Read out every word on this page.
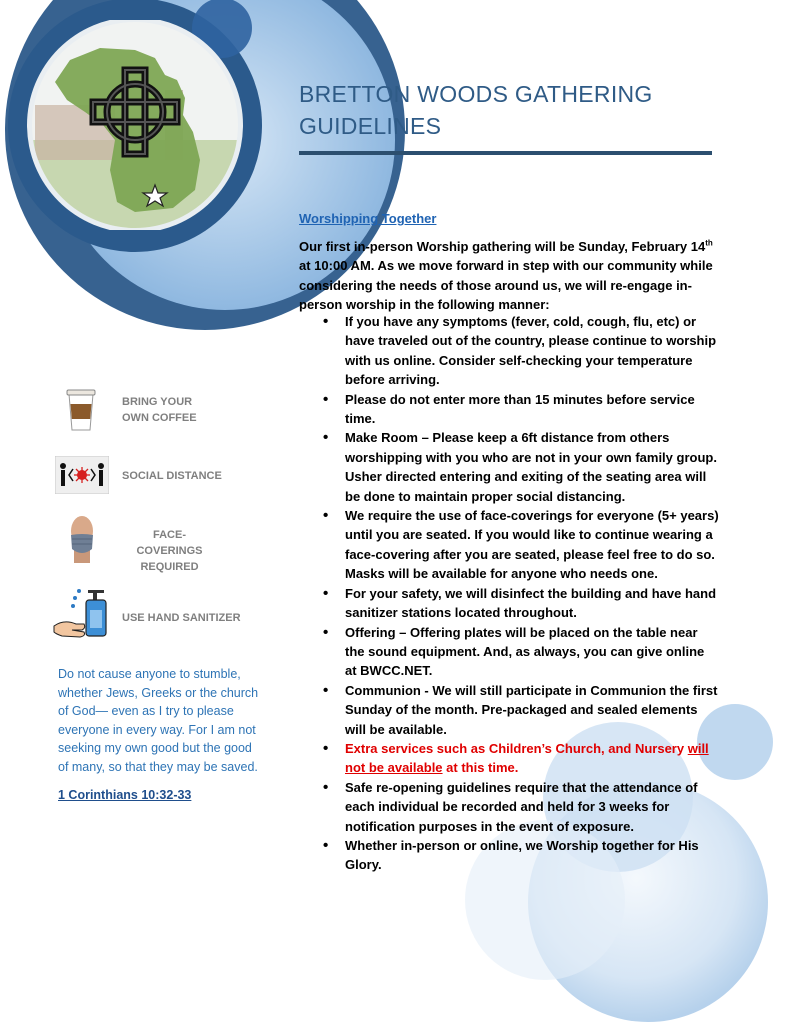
BRETTON WOODS GATHERING GUIDELINES
Worshipping Together
Our first in-person Worship gathering will be Sunday, February 14th at 10:00 AM. As we move forward in step with our community while considering the needs of those around us, we will re-engage in-person worship in the following manner:
• If you have any symptoms (fever, cold, cough, flu, etc) or have traveled out of the country, please continue to worship with us online. Consider self-checking your temperature before arriving.
• Please do not enter more than 15 minutes before service time.
• Make Room – Please keep a 6ft distance from others worshipping with you who are not in your own family group. Usher directed entering and exiting of the seating area will be done to maintain proper social distancing.
• We require the use of face-coverings for everyone (5+ years) until you are seated. If you would like to continue wearing a face-covering after you are seated, please feel free to do so. Masks will be available for anyone who needs one.
• For your safety, we will disinfect the building and have hand sanitizer stations located throughout.
• Offering – Offering plates will be placed on the table near the sound equipment. And, as always, you can give online at BWCC.NET.
• Communion - We will still participate in Communion the first Sunday of the month. Pre-packaged and sealed elements will be available.
• Extra services such as Children’s Church, and Nursery will not be available at this time.
• Safe re-opening guidelines require that the attendance of each individual be recorded and held for 3 weeks for notification purposes in the event of exposure.
• Whether in-person or online, we Worship together for His Glory.
BRING YOUR
OWN COFFEE
SOCIAL DISTANCE
FACE-COVERINGS
REQUIRED
USE HAND SANITIZER
Do not cause anyone to stumble, whether Jews, Greeks or the church of God— even as I try to please everyone in every way. For I am not seeking my own good but the good of many, so that they may be saved.
1 Corinthians 10:32-33
